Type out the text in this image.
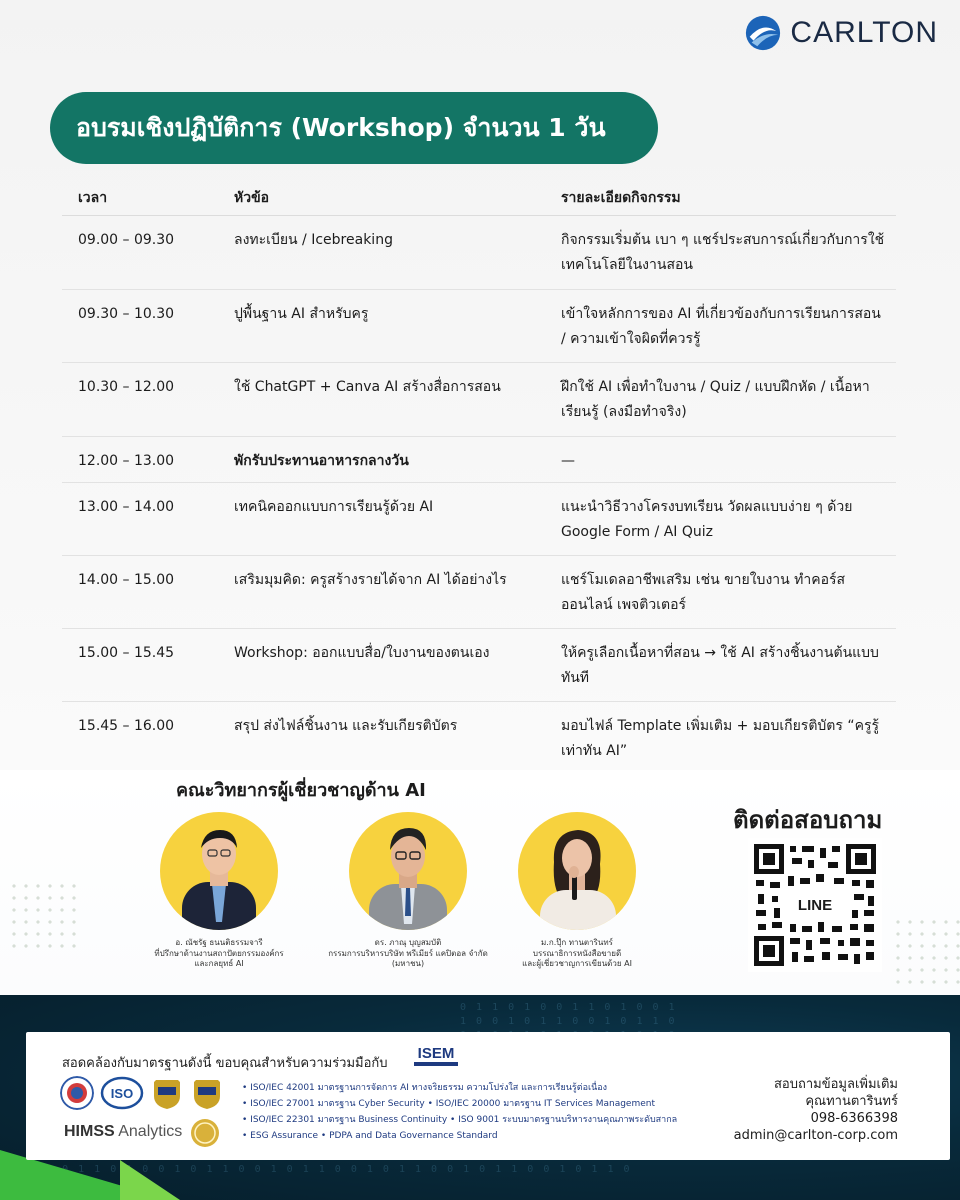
0 1 1 0 1 0 0 1 1 0 1 0 0 1
1 0 0 1 0 1 1 0 0 1 0 1 1 0

1 0 0 1 1 0 1 0 0 1 0 1 1 0 0 1 0 1 1 0 0 1 0 1 1 0 0 1 0 1 1 0 0 1 0 1 1 0
CARLTON
อบรมเชิงปฏิบัติการ (Workshop) จำนวน 1 วัน
เวลา	หัวข้อ	รายละเอียดกิจกรรม
09.00 – 09.30	ลงทะเบียน / Icebreaking	กิจกรรมเริ่มต้น เบา ๆ แชร์ประสบการณ์เกี่ยวกับการใช้เทคโนโลยีในงานสอน
09.30 – 10.30	ปูพื้นฐาน AI สำหรับครู	เข้าใจหลักการของ AI ที่เกี่ยวข้องกับการเรียนการสอน / ความเข้าใจผิดที่ควรรู้
10.30 – 12.00	ใช้ ChatGPT + Canva AI สร้างสื่อการสอน	ฝึกใช้ AI เพื่อทำใบงาน / Quiz / แบบฝึกหัด / เนื้อหาเรียนรู้ (ลงมือทำจริง)
12.00 – 13.00	พักรับประทานอาหารกลางวัน	—
13.00 – 14.00	เทคนิคออกแบบการเรียนรู้ด้วย AI	แนะนำวิธีวางโครงบทเรียน วัดผลแบบง่าย ๆ ด้วย Google Form / AI Quiz
14.00 – 15.00	เสริมมุมคิด: ครูสร้างรายได้จาก AI ได้อย่างไร	แชร์โมเดลอาชีพเสริม เช่น ขายใบงาน ทำคอร์สออนไลน์ เพจติวเตอร์
15.00 – 15.45	Workshop: ออกแบบสื่อ/ใบงานของตนเอง	ให้ครูเลือกเนื้อหาที่สอน → ใช้ AI สร้างชิ้นงานต้นแบบทันที
15.45 – 16.00	สรุป ส่งไฟล์ชิ้นงาน และรับเกียรติบัตร	มอบไฟล์ Template เพิ่มเติม + มอบเกียรติบัตร “ครูรู้เท่าทัน AI”
คณะวิทยากรผู้เชี่ยวชาญด้าน AI
อ. ณัชรัฐ ธนนติธรรมจารี
ที่ปรึกษาด้านงานสถาปัตยกรรมองค์กร
และกลยุทธ์ AI
ดร. ภาณุ บุญสมบัติ
กรรมการบริหารบริษัท พรีเมียร์ แคปิตอล จำกัด
(มหาชน)
ม.ก.ปุ๊ก ทานตารินทร์
บรรณาธิการหนังสือขายดี
และผู้เชี่ยวชาญการเขียนด้วย AI
ติดต่อสอบถาม
LINE
สอดคล้องกับมาตรฐานดังนี้ ขอบคุณสำหรับความร่วมมือกับ
ISEM
ISO
HIMSS Analytics
• ISO/IEC 42001 มาตรฐานการจัดการ AI ทางจริยธรรม ความโปร่งใส และการเรียนรู้ต่อเนื่อง
• ISO/IEC 27001 มาตรฐาน Cyber Security • ISO/IEC 20000 มาตรฐาน IT Services Management
• ISO/IEC 22301 มาตรฐาน Business Continuity • ISO 9001 ระบบมาตรฐานบริหารงานคุณภาพระดับสากล
• ESG Assurance • PDPA and Data Governance Standard
สอบถามข้อมูลเพิ่มเติม
คุณทานตารินทร์
098-6366398
admin@carlton-corp.com
